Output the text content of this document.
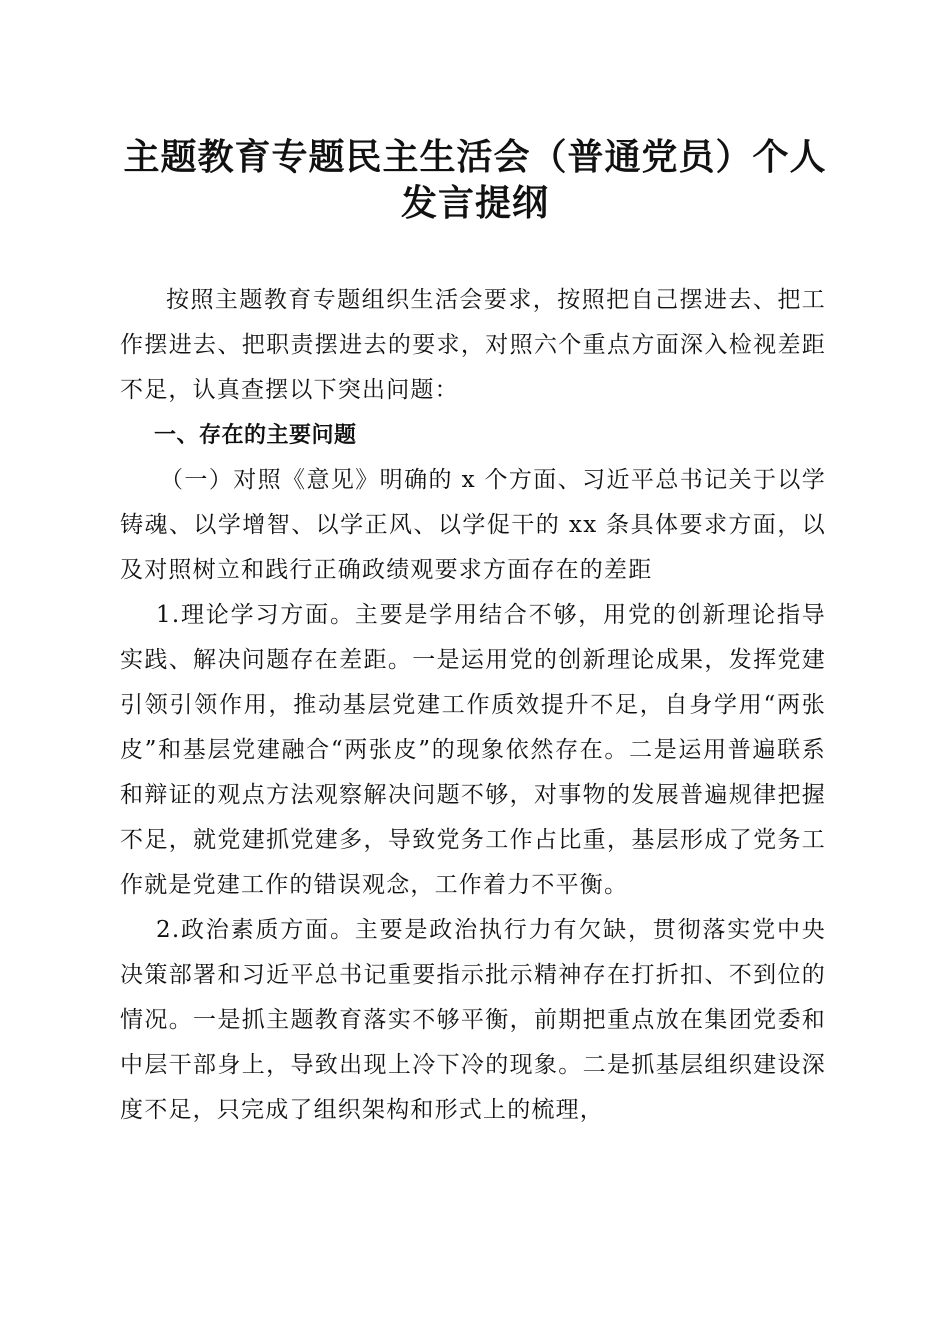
主题教育专题民主生活会（普通党员）个人发言提纲

按照主题教育专题组织生活会要求，按照把自己摆进去、把工作摆进去、把职责摆进去的要求，对照六个重点方面深入检视差距不足，认真查摆以下突出问题：

一、存在的主要问题

（一）对照《意见》明确的 x 个方面、习近平总书记关于以学铸魂、以学增智、以学正风、以学促干的 xx 条具体要求方面，以及对照树立和践行正确政绩观要求方面存在的差距

1.理论学习方面。主要是学用结合不够，用党的创新理论指导实践、解决问题存在差距。一是运用党的创新理论成果，发挥党建引领引领作用，推动基层党建工作质效提升不足，自身学用“两张皮”和基层党建融合“两张皮”的现象依然存在。二是运用普遍联系和辩证的观点方法观察解决问题不够，对事物的发展普遍规律把握不足，就党建抓党建多，导致党务工作占比重，基层形成了党务工作就是党建工作的错误观念，工作着力不平衡。

2.政治素质方面。主要是政治执行力有欠缺，贯彻落实党中央决策部署和习近平总书记重要指示批示精神存在打折扣、不到位的情况。一是抓主题教育落实不够平衡，前期把重点放在集团党委和中层干部身上，导致出现上冷下冷的现象。二是抓基层组织建设深度不足，只完成了组织架构和形式上的梳理，
